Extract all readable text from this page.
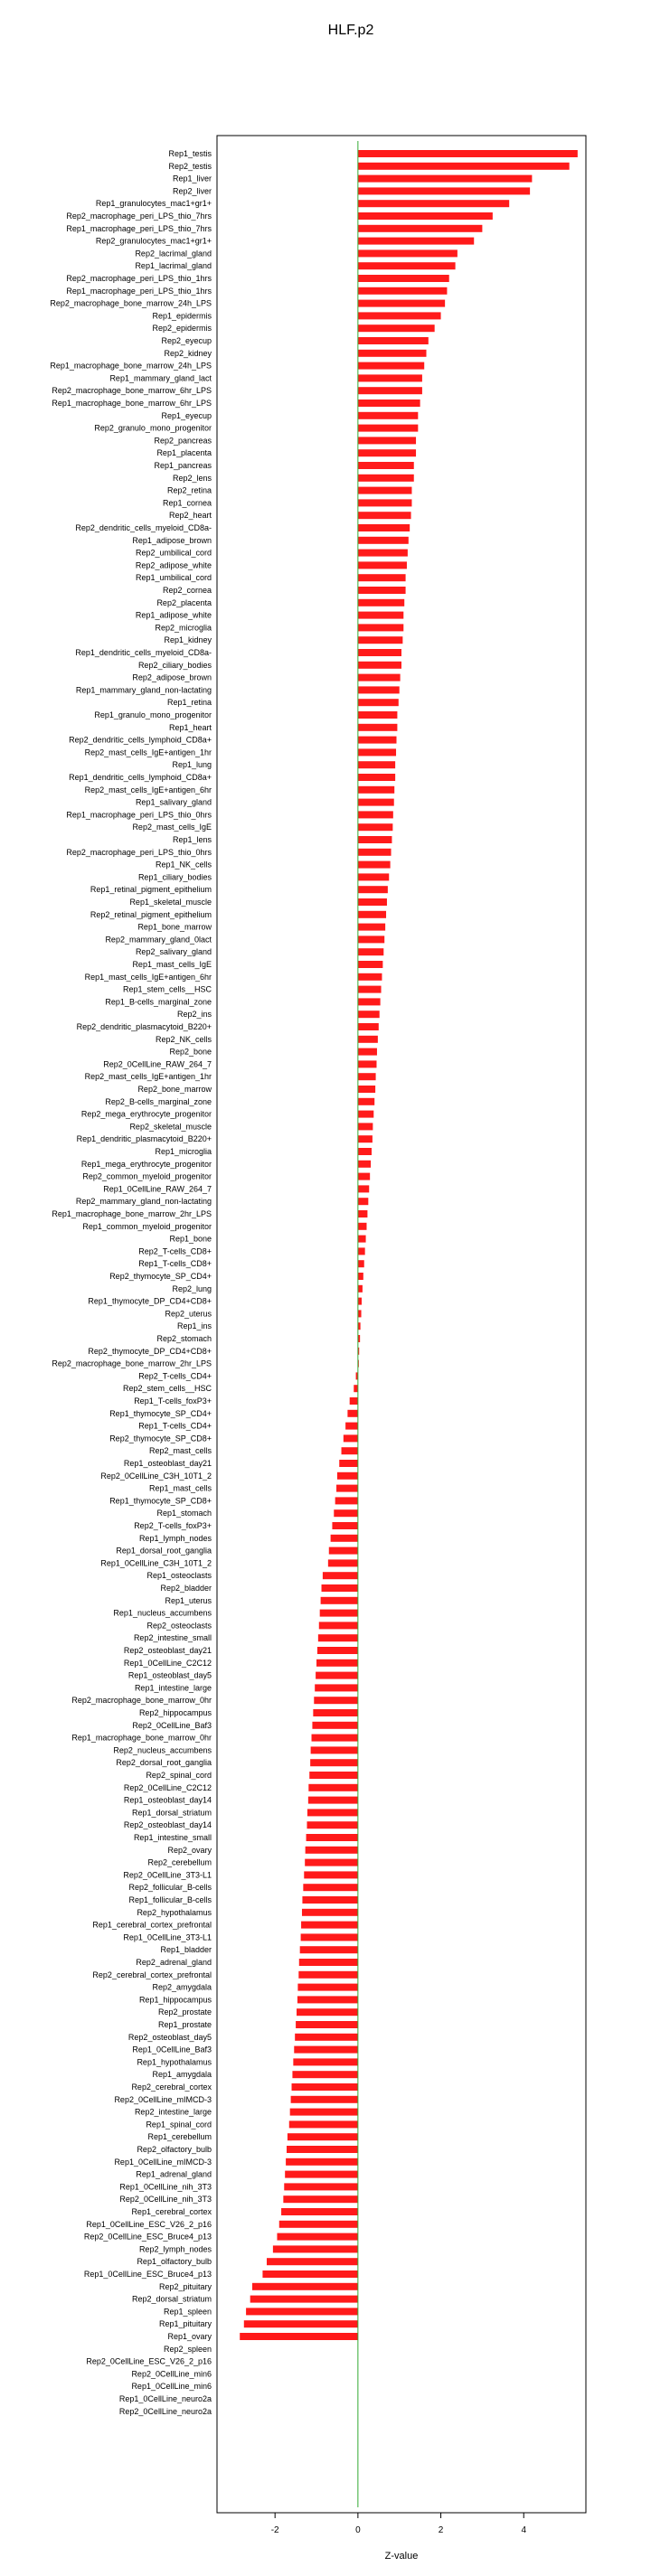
HLF.p2
Rep1_testis
Rep2_testis
Rep1_liver
Rep2_liver
Rep1_granulocytes_mac1+gr1+
Rep2_macrophage_peri_LPS_thio_7hrs
Rep1_macrophage_peri_LPS_thio_7hrs
Rep2_granulocytes_mac1+gr1+
Rep2_lacrimal_gland
Rep1_lacrimal_gland
Rep2_macrophage_peri_LPS_thio_1hrs
Rep1_macrophage_peri_LPS_thio_1hrs
Rep2_macrophage_bone_marrow_24h_LPS
Rep1_epidermis
Rep2_epidermis
Rep2_eyecup
Rep2_kidney
Rep1_macrophage_bone_marrow_24h_LPS
Rep1_mammary_gland_lact
Rep2_macrophage_bone_marrow_6hr_LPS
Rep1_macrophage_bone_marrow_6hr_LPS
Rep1_eyecup
Rep2_granulo_mono_progenitor
Rep2_pancreas
Rep1_placenta
Rep1_pancreas
Rep2_lens
Rep2_retina
Rep1_cornea
Rep2_heart
Rep2_dendritic_cells_myeloid_CD8a-
Rep1_adipose_brown
Rep2_umbilical_cord
Rep2_adipose_white
Rep1_umbilical_cord
Rep2_cornea
Rep2_placenta
Rep1_adipose_white
Rep2_microglia
Rep1_kidney
Rep1_dendritic_cells_myeloid_CD8a-
Rep2_ciliary_bodies
Rep2_adipose_brown
Rep1_mammary_gland_non-lactating
Rep1_retina
Rep1_granulo_mono_progenitor
Rep1_heart
Rep2_dendritic_cells_lymphoid_CD8a+
Rep2_mast_cells_IgE+antigen_1hr
Rep1_lung
Rep1_dendritic_cells_lymphoid_CD8a+
Rep2_mast_cells_IgE+antigen_6hr
Rep1_salivary_gland
Rep1_macrophage_peri_LPS_thio_0hrs
Rep2_mast_cells_IgE
Rep1_lens
Rep2_macrophage_peri_LPS_thio_0hrs
Rep1_NK_cells
Rep1_ciliary_bodies
Rep1_retinal_pigment_epithelium
Rep1_skeletal_muscle
Rep2_retinal_pigment_epithelium
Rep1_bone_marrow
Rep2_mammary_gland_0lact
Rep2_salivary_gland
Rep1_mast_cells_IgE
Rep1_mast_cells_IgE+antigen_6hr
Rep1_stem_cells__HSC
Rep1_B-cells_marginal_zone
Rep2_ins
Rep2_dendritic_plasmacytoid_B220+
Rep2_NK_cells
Rep2_bone
Rep2_0CellLine_RAW_264_7
Rep2_mast_cells_IgE+antigen_1hr
Rep2_bone_marrow
Rep2_B-cells_marginal_zone
Rep2_mega_erythrocyte_progenitor
Rep2_skeletal_muscle
Rep1_dendritic_plasmacytoid_B220+
Rep1_microglia
Rep1_mega_erythrocyte_progenitor
Rep2_common_myeloid_progenitor
Rep1_0CellLine_RAW_264_7
Rep2_mammary_gland_non-lactating
Rep1_macrophage_bone_marrow_2hr_LPS
Rep1_common_myeloid_progenitor
Rep1_bone
Rep2_T-cells_CD8+
Rep1_T-cells_CD8+
Rep2_thymocyte_SP_CD4+
Rep2_lung
Rep1_thymocyte_DP_CD4+CD8+
Rep2_uterus
Rep1_ins
Rep2_stomach
Rep2_thymocyte_DP_CD4+CD8+
Rep2_macrophage_bone_marrow_2hr_LPS
Rep2_T-cells_CD4+
Rep2_stem_cells__HSC
Rep1_T-cells_foxP3+
Rep1_thymocyte_SP_CD4+
Rep1_T-cells_CD4+
Rep2_thymocyte_SP_CD8+
Rep2_mast_cells
Rep1_osteoblast_day21
Rep2_0CellLine_C3H_10T1_2
Rep1_mast_cells
Rep1_thymocyte_SP_CD8+
Rep1_stomach
Rep2_T-cells_foxP3+
Rep1_lymph_nodes
Rep1_dorsal_root_ganglia
Rep1_0CellLine_C3H_10T1_2
Rep1_osteoclasts
Rep2_bladder
Rep1_uterus
Rep1_nucleus_accumbens
Rep2_osteoclasts
Rep2_intestine_small
Rep2_osteoblast_day21
Rep1_0CellLine_C2C12
Rep1_osteoblast_day5
Rep1_intestine_large
Rep2_macrophage_bone_marrow_0hr
Rep2_hippocampus
Rep2_0CellLine_Baf3
Rep1_macrophage_bone_marrow_0hr
Rep2_nucleus_accumbens
Rep2_dorsal_root_ganglia
Rep2_spinal_cord
Rep2_0CellLine_C2C12
Rep1_osteoblast_day14
Rep1_dorsal_striatum
Rep2_osteoblast_day14
Rep1_intestine_small
Rep2_ovary
Rep2_cerebellum
Rep2_0CellLine_3T3-L1
Rep2_follicular_B-cells
Rep1_follicular_B-cells
Rep2_hypothalamus
Rep1_cerebral_cortex_prefrontal
Rep1_0CellLine_3T3-L1
Rep1_bladder
Rep2_adrenal_gland
Rep2_cerebral_cortex_prefrontal
Rep2_amygdala
Rep1_hippocampus
Rep2_prostate
Rep1_prostate
Rep2_osteoblast_day5
Rep1_0CellLine_Baf3
Rep1_hypothalamus
Rep1_amygdala
Rep2_cerebral_cortex
Rep2_0CellLine_mIMCD-3
Rep2_intestine_large
Rep1_spinal_cord
Rep1_cerebellum
Rep2_olfactory_bulb
Rep1_0CellLine_mIMCD-3
Rep1_adrenal_gland
Rep1_0CellLine_nih_3T3
Rep2_0CellLine_nih_3T3
Rep1_cerebral_cortex
Rep1_0CellLine_ESC_V26_2_p16
Rep2_0CellLine_ESC_Bruce4_p13
Rep2_lymph_nodes
Rep1_olfactory_bulb
Rep1_0CellLine_ESC_Bruce4_p13
Rep2_pituitary
Rep2_dorsal_striatum
Rep1_spleen
Rep1_pituitary
Rep1_ovary
Rep2_spleen
Rep2_0CellLine_ESC_V26_2_p16
Rep2_0CellLine_min6
Rep1_0CellLine_min6
Rep1_0CellLine_neuro2a
Rep2_0CellLine_neuro2a
-2	0	2	4
Z-value
